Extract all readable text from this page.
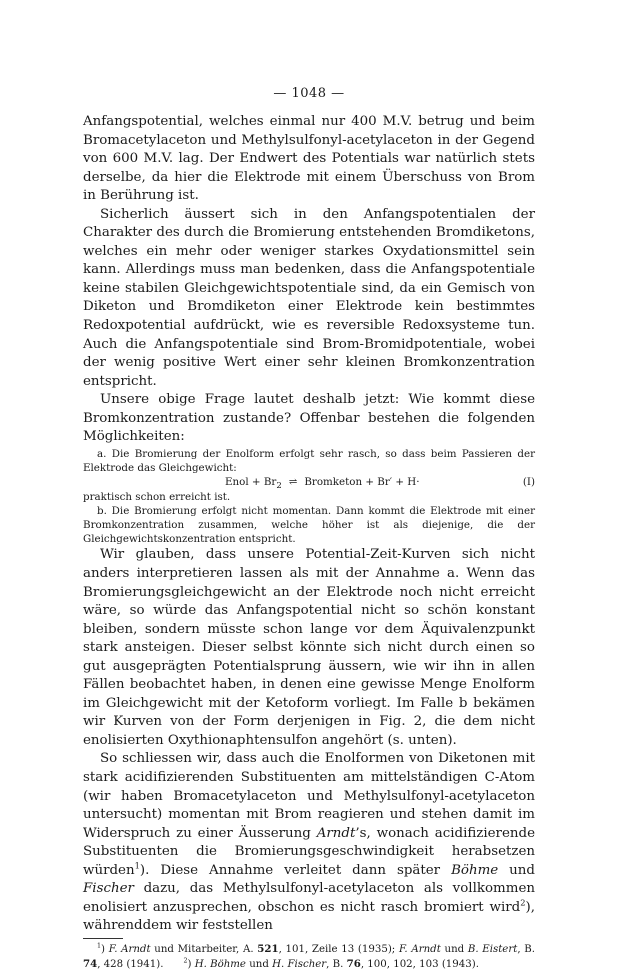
— 1048 —

Anfangspotential, welches einmal nur 400 M.V. betrug und beim Bromacetylaceton und Methylsulfonyl-acetylaceton in der Gegend von 600 M.V. lag. Der Endwert des Potentials war natürlich stets derselbe, da hier die Elektrode mit einem Überschuss von Brom in Berührung ist.

Sicherlich äussert sich in den Anfangspotentialen der Charakter des durch die Bromierung entstehenden Bromdiketons, welches ein mehr oder weniger starkes Oxydationsmittel sein kann. Allerdings muss man bedenken, dass die Anfangspotentiale keine stabilen Gleichgewichtspotentiale sind, da ein Gemisch von Diketon und Bromdiketon einer Elektrode kein bestimmtes Redoxpotential aufdrückt, wie es reversible Redoxsysteme tun. Auch die Anfangspotentiale sind Brom-Bromidpotentiale, wobei der wenig positive Wert einer sehr kleinen Bromkonzentration entspricht.

Unsere obige Frage lautet deshalb jetzt: Wie kommt diese Bromkonzentration zustande? Offenbar bestehen die folgenden Möglichkeiten:

a. Die Bromierung der Enolform erfolgt sehr rasch, so dass beim Passieren der Elektrode das Gleichgewicht:

Enol + $Br_2$ ⇌ Bromketon + Br′ + H·	(I)

praktisch schon erreicht ist.

b. Die Bromierung erfolgt nicht momentan. Dann kommt die Elektrode mit einer Bromkonzentration zusammen, welche höher ist als diejenige, die der Gleichgewichtskonzentration entspricht.

Wir glauben, dass unsere Potential-Zeit-Kurven sich nicht anders interpretieren lassen als mit der Annahme a. Wenn das Bromierungsgleichgewicht an der Elektrode noch nicht erreicht wäre, so würde das Anfangspotential nicht so schön konstant bleiben, sondern müsste schon lange vor dem Äquivalenzpunkt stark ansteigen. Dieser selbst könnte sich nicht durch einen so gut ausgeprägten Potentialsprung äussern, wie wir ihn in allen Fällen beobachtet haben, in denen eine gewisse Menge Enolform im Gleichgewicht mit der Ketoform vorliegt. Im Falle b bekämen wir Kurven von der Form derjenigen in Fig. 2, die dem nicht enolisierten Oxythionaphtensulfon angehört (s. unten).

So schliessen wir, dass auch die Enolformen von Diketonen mit stark acidifizierenden Substituenten am mittelständigen C-Atom (wir haben Bromacetylaceton und Methylsulfonyl-acetylaceton untersucht) momentan mit Brom reagieren und stehen damit im Widerspruch zu einer Äusserung Arndt’s, wonach acidifizierende Substituenten die Bromierungsgeschwindigkeit herabsetzen würden$^1$). Diese Annahme verleitet dann später Böhme und Fischer dazu, das Methylsulfonyl-acetylaceton als vollkommen enolisiert anzusprechen, obschon es nicht rasch bromiert wird$^2$), währenddem wir feststellen

$^1$) F. Arndt und Mitarbeiter, A. 521, 101, Zeile 13 (1935); F. Arndt und B. Eistert, B. 74, 428 (1941).	$^2$) H. Böhme und H. Fischer, B. 76, 100, 102, 103 (1943).
